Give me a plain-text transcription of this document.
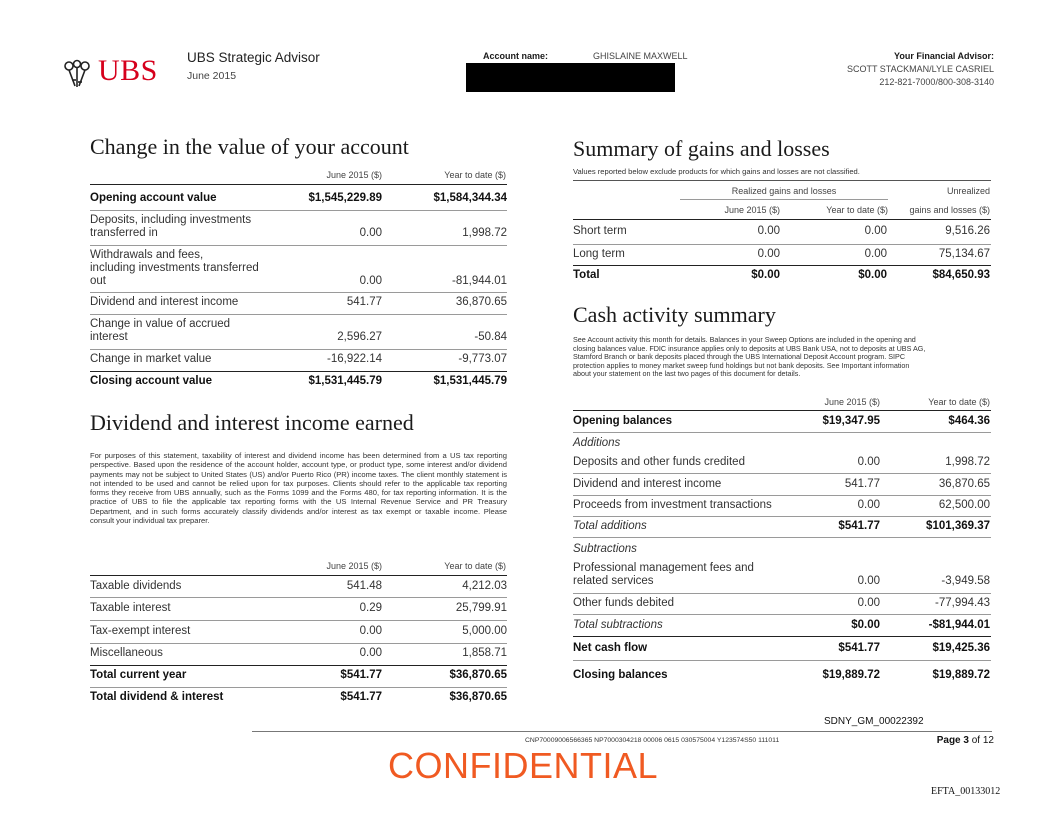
UBS UBS Strategic Advisor
June 2015
Account name:	GHISLAINE MAXWELL	Your Financial Advisor:
SCOTT STACKMAN/LYLE CASRIEL
212-821-7000/800-308-3140
Change in the value of your account
June 2015 ($)	Year to date ($)
Opening account value	$1,545,229.89	$1,584,344.34
Deposits, including investments
transferred in	0.00	1,998.72
Withdrawals and fees,
including investments transferred
out	0.00	-81,944.01
Dividend and interest income	541.77	36,870.65
Change in value of accrued
interest	2,596.27	-50.84
Change in market value	-16,922.14	-9,773.07
Closing account value	$1,531,445.79	$1,531,445.79
Dividend and interest income earned
For purposes of this statement, taxability of interest and dividend income has been determined from a US tax reporting perspective. Based upon the residence of the account holder, account type, or product type, some interest and/or dividend payments may not be subject to United States (US) and/or Puerto Rico (PR) income taxes. The client monthly statement is not intended to be used and cannot be relied upon for tax purposes. Clients should refer to the applicable tax reporting forms they receive from UBS annually, such as the Forms 1099 and the Forms 480, for tax reporting information. It is the practice of UBS to file the applicable tax reporting forms with the US Internal Revenue Service and PR Treasury Department, and in such forms accurately classify dividends and/or interest as tax exempt or taxable income. Please consult your individual tax preparer.
June 2015 ($)	Year to date ($)
Taxable dividends	541.48	4,212.03
Taxable interest	0.29	25,799.91
Tax-exempt interest	0.00	5,000.00
Miscellaneous	0.00	1,858.71
Total current year	$541.77	$36,870.65
Total dividend & interest	$541.77	$36,870.65
Summary of gains and losses
Values reported below exclude products for which gains and losses are not classified.
Realized gains and losses	Unrealized
June 2015 ($)	Year to date ($)	gains and losses ($)
Short term	0.00	0.00	9,516.26
Long term	0.00	0.00	75,134.67
Total	$0.00	$0.00	$84,650.93
Cash activity summary
See Account activity this month for details. Balances in your Sweep Options are included in the opening and
closing balances value. FDIC insurance applies only to deposits at UBS Bank USA, not to deposits at UBS AG,
Stamford Branch or bank deposits placed through the UBS International Deposit Account program. SIPC
protection applies to money market sweep fund holdings but not bank deposits. See Important information
about your statement on the last two pages of this document for details.
June 2015 ($)	Year to date ($)
Opening balances	$19,347.95	$464.36
Additions
Deposits and other funds credited	0.00	1,998.72
Dividend and interest income	541.77	36,870.65
Proceeds from investment transactions	0.00	62,500.00
Total additions	$541.77	$101,369.37
Subtractions
Professional management fees and
related services	0.00	-3,949.58
Other funds debited	0.00	-77,994.43
Total subtractions	$0.00	-$81,944.01
Net cash flow	$541.77	$19,425.36
Closing balances	$19,889.72	$19,889.72
SDNY_GM_00022392
CNP70009006566365 NP7000304218 00006 0615 030575004 Y123574S50 111011	Page 3 of 12
CONFIDENTIAL
EFTA_00133012
